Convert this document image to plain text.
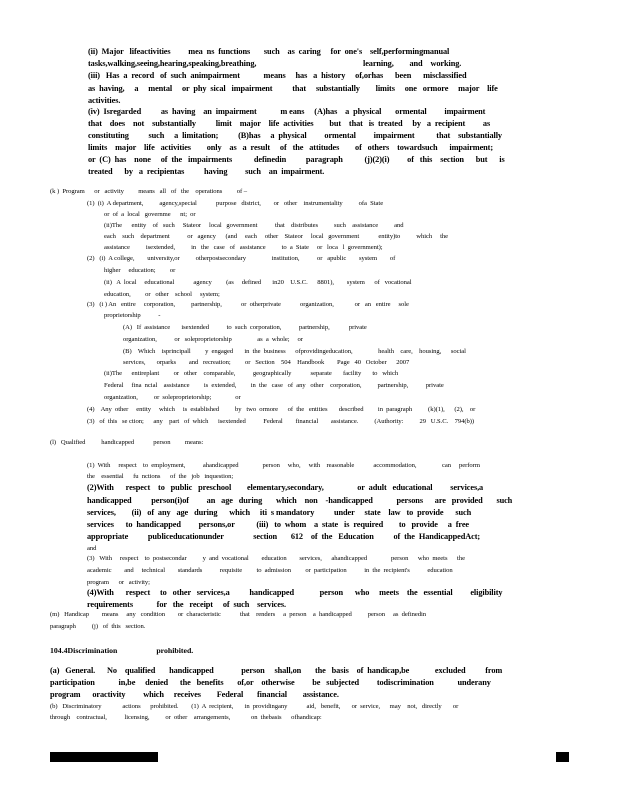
(ii)  Major   lifeactivities         mea  ns  functions       such    as  caring     for  one's    self,performingmanual
tasks,walking,seeing,hearing,speaking,breathing,                                                      learning,        and    working.
(iii)   Has  a  record   of  such  animpairment            means     has   a  history     of,orhas      been      misclassified
as  having,     a     mental     or  phy  sical   impairment          that     substantially        limits     one   ormore     major    life
activities.
(iv)  Isregarded          as  having    an  impairment            m eans     (A)has    a  physical       ormental         impairment
that    does    not    substantially          limit    major    life  activities        but    that   is  treated     by   a  recipient         as
constituting          such     a  limitation;          (B)has     a  physical         ormental         impairment           that    substantially
limits    major    life   activities        only    as   a  result     of   the   attitudes        of   others    towardsuch      impairment;
or  (C)  has    none     of  the   impairments           definedin          paragraph           (j)(2)(i)         of   this    section      but      is
treated      by   a  recipientas          having         such    an  impairment.
(k )  Program      or   activity         means   all   of   the    operations         of –
(1)  (i)  A department,          agency,special            purpose   district,        or   other    instrumentality          ofa  State
or  of  a  local   governme      nt;  or
(ii)The      entity    of   such     Stateor     local   government           that    distributes          such    assistance          and
each    such    department           or   agency      (and     each     other    Stateor     local   government            entity)to          which     the
assistance          isextended,          in   the   case   of   assistance          to  a  State     or   loca   l  government);
(2)   (i)  A college,        university,or          otherpostsecondary                institution,           or   apublic        system        of
higher     education;         or
(ii)   A  local     educational            agency         (as     defined       in20    U.S.C.      8801),        system      of   vocational
education,         or   other    school     system;
(3)   (i ) An   entire     corporation,          partnership,            or  otherprivate            organization,             or   an   entire     sole
proprietorship           -
(A)   If  assistance       isextended           to  such  corporation,           partnership,            private
organization,           or   soleproprietorship                as  a  whole;     or
(B)    Which    isprincipall         y  engaged       in  the  business      ofprovidingeducation,                health    care,    housing,      social
services,       orparks        and   recreation;         or   Section    504    Handbook        Page   40   October      2007
(ii)The      entireplant         or   other    comparable,           geographically            separate       facility       to   which
Federal     fina  ncial    assistance         is  extended,         in  the   case   of  any   other    corporation,          partnership,           private
organization,          or  soleproprietorship;               or
(4)    Any  other     entity     which     is  established          by   two  ormore      of  the   entities       described         in  paragraph          (k)(1),      (2),    or
(3)   of  this   se ction;      any    part   of  which      isextended           Federal        financial        assistance.          (Authority:          29   U.S.C.    794(b))
(l)   Qualified          handicapped            person         means:
(1)  With     respect    to  employment,           ahandicapped               person     who,     with    reasonable            accommodation,                can     perform
the    essential      fu  nctions      of  the   job   inquestion;
(2)With      respect    to   public   preschool        elementary,secondary,                 or  adult   educational         services,a
handicapped          person(i)of         an   age   during       which    non    -handicapped            persons      are   provided       such
services,        (ii)   of  any   age   during      which     iti  s mandatory          under     state    law   to  provide      such
services      to  handicapped         persons,or           (iii)   to  whom    a  state   is  required        to   provide     a  free
appropriate          publiceducationunder               section       612    of  the   Education          of  the  HandicappedAct;
and
(3)   With     respect    to  postsecondar          y  and  vocational        education        services,      ahandicapped               person      who  meets      the
academic        and     technical        standards           requisite         to  admission         or  participation           in  the  recipient's           education
program      or   activity;
(4)With      respect     to   other   services,a          handicapped             person      who     meets    the   essential         eligibility
requirements            for   the   receipt     of  such    services.
(m)   Handicap        means     any   condition        or  characteristic            that    renders     a  person    a  handicapped          person     as  definedin
paragraph          (j)   of  this   section.
104.4Discrimination                    prohibited.
(a)   General.      No    qualified       handicapped              person     shall,on       the   basis    of  handicap,be             excluded          from
participation            in,be     denied      the   benefits       of,or    otherwise         be   subjected         todiscrimination            underany
program      oractivity         which     receives        Federal       financial        assistance.
(b)   Discriminatory             actions      prohibited.        (1)  A  recipient,       in  providingany            aid,   benefit,       or  service,      may    not,   directly       or
through    contractual,           licensing,          or  other    arrangements,             on  thebasis      ofhandicap:
